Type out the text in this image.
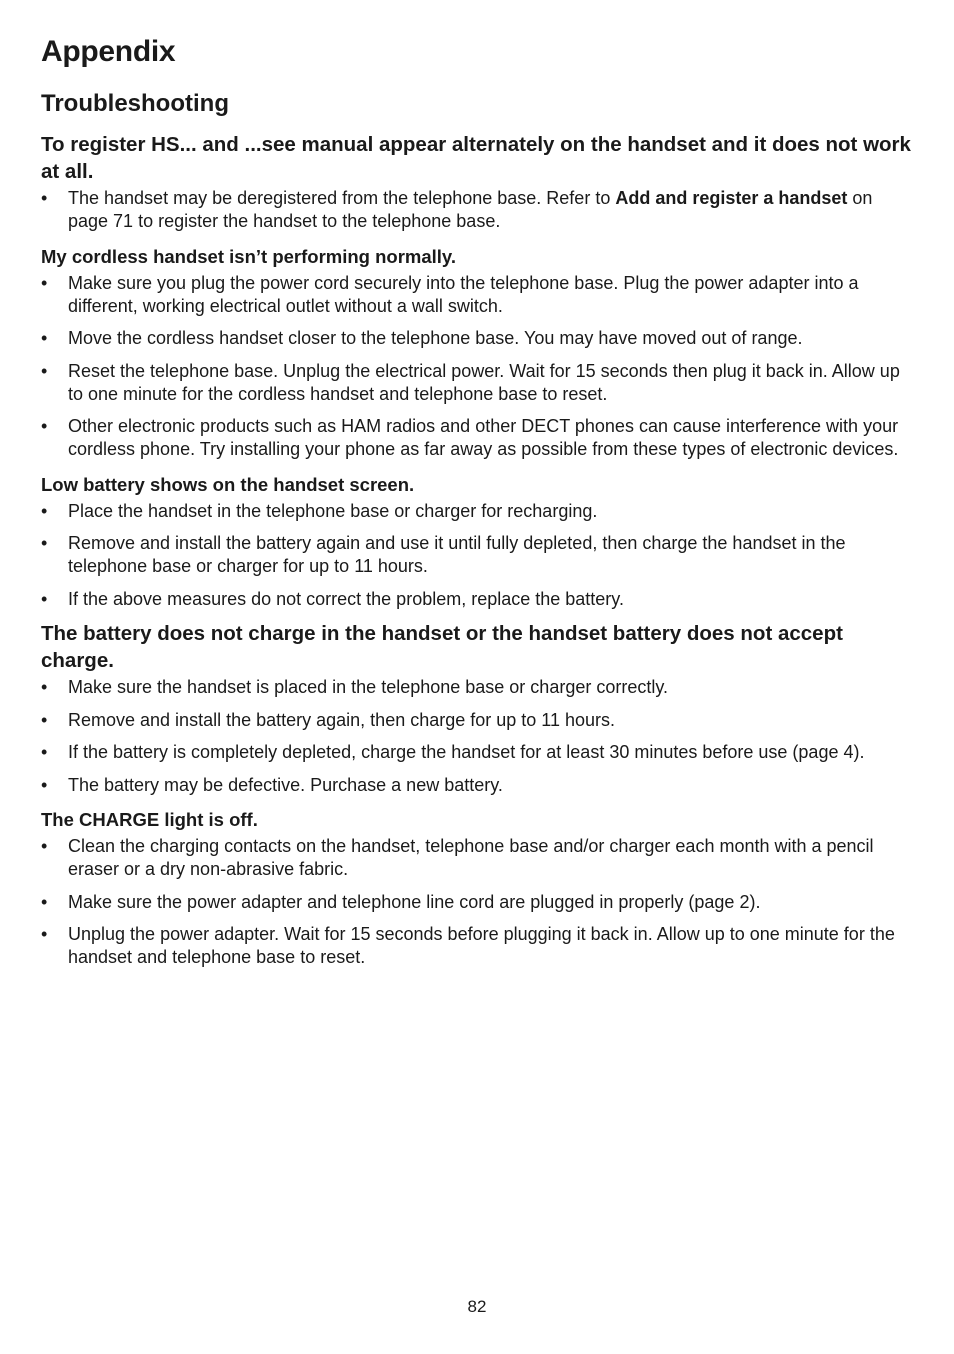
Appendix
Troubleshooting

To register HS... and ...see manual appear alternately on the handset and it does not work at all.

• The handset may be deregistered from the telephone base. Refer to Add and register a handset on page 71 to register the handset to the telephone base.

My cordless handset isn’t performing normally.

• Make sure you plug the power cord securely into the telephone base. Plug the power adapter into a different, working electrical outlet without a wall switch.
• Move the cordless handset closer to the telephone base. You may have moved out of range.
• Reset the telephone base. Unplug the electrical power. Wait for 15 seconds then plug it back in. Allow up to one minute for the cordless handset and telephone base to reset.
• Other electronic products such as HAM radios and other DECT phones can cause interference with your cordless phone. Try installing your phone as far away as possible from these types of electronic devices.

Low battery shows on the handset screen.

• Place the handset in the telephone base or charger for recharging.
• Remove and install the battery again and use it until fully depleted, then charge the handset in the telephone base or charger for up to 11 hours.
• If the above measures do not correct the problem, replace the battery.

The battery does not charge in the handset or the handset battery does not accept charge.

• Make sure the handset is placed in the telephone base or charger correctly.
• Remove and install the battery again, then charge for up to 11 hours.
• If the battery is completely depleted, charge the handset for at least 30 minutes before use (page 4).
• The battery may be defective. Purchase a new battery.

The CHARGE light is off.

• Clean the charging contacts on the handset, telephone base and/or charger each month with a pencil eraser or a dry non-abrasive fabric.
• Make sure the power adapter and telephone line cord are plugged in properly (page 2).
• Unplug the power adapter. Wait for 15 seconds before plugging it back in. Allow up to one minute for the handset and telephone base to reset.
82
